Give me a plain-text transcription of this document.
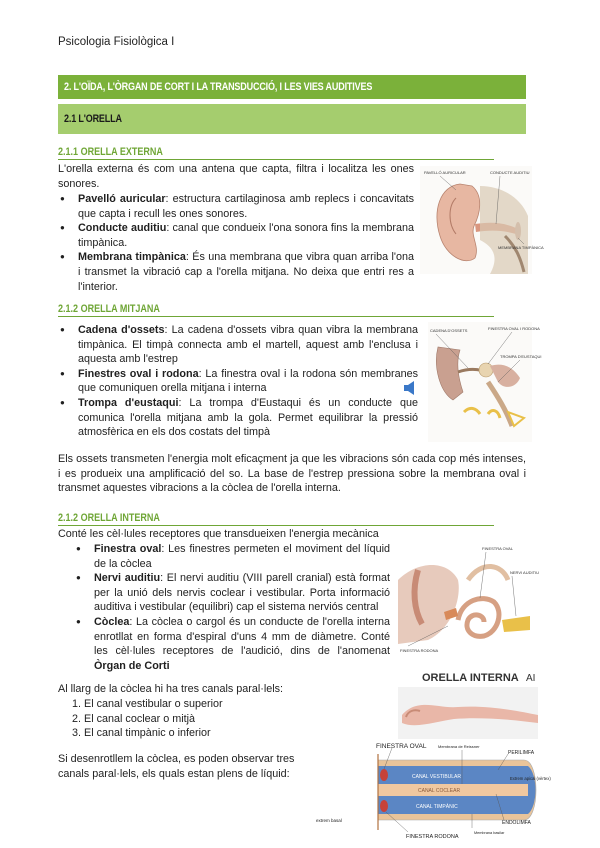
Psicologia Fisiològica I
2. L'OÏDA, L'ÒRGAN DE CORT I LA TRANSDUCCIÓ, I LES VIES AUDITIVES
2.1 L'ORELLA
2.1.1 ORELLA EXTERNA
L'orella externa és com una antena que capta, filtra i localitza les ones sonores.
● Pavelló auricular: estructura cartilaginosa amb replecs i concavitats que capta i recull les ones sonores.
● Conducte auditiu: canal que condueix l'ona sonora fins la membrana timpànica.
● Membrana timpànica: És una membrana que vibra quan arriba l'ona i transmet la vibració cap a l'orella mitjana. No deixa que entri res a l'interior.
PAVELLÓ AURICULAR	CONDUCTE AUDITIU
MEMBRANA TIMPÀNICA
2.1.2 ORELLA MITJANA
● Cadena d'ossets: La cadena d'ossets vibra quan vibra la membrana timpànica. El timpà connecta amb el martell, aquest amb l'enclusa i aquesta amb l'estrep
● Finestres oval i rodona: La finestra oval i la rodona són membranes que comuniquen orella mitjana i interna
● Trompa d'eustaqui: La trompa d'Eustaqui és un conducte que comunica l'orella mitjana amb la gola. Permet equilibrar la pressió atmosfèrica en els dos costats del timpà
CADENA D'OSSETS	FINESTRA OVAL I RODONA
TROMPA D'EUSTAQUI
Els ossets transmeten l'energia molt eficaçment ja que les vibracions són cada cop més intenses, i es produeix una amplificació del so. La base de l'estrep pressiona sobre la membrana oval i transmet aquestes vibracions a la còclea de l'orella interna.
2.1.2 ORELLA INTERNA
Conté les cèl·lules receptores que transdueixen l'energia mecànica
● Finestra oval: Les finestres permeten el moviment del líquid de la còclea
● Nervi auditiu: El nervi auditiu (VIII parell cranial) està format per la unió dels nervis coclear i vestibular. Porta informació auditiva i vestibular (equilibri) cap el sistema nerviós central
● Còclea: La còclea o cargol és un conducte de l'orella interna enrotllat en forma d'espiral d'uns 4 mm de diàmetre. Conté les cèl·lules receptores de l'audició, dins de l'anomenat Òrgan de Corti
FINESTRA OVAL
NERVI AUDITIU
FINESTRA RODONA
Al llarg de la còclea hi ha tres canals paral·lels:
1. El canal vestibular o superior
2. El canal coclear o mitjà
3. El canal timpànic o inferior
Si desenrotllem la còclea, es poden observar tres canals paral·lels, els quals estan plens de líquid:
ORELLA INTERNA AI
FINESTRA OVAL	Membrana de Reissner
PERILIMFA
CANAL VESTIBULAR
CANAL COCLEAR
CANAL TIMPÀNIC
ENDOLIMFA
FINESTRA RODONA
Membrana basilar
extrem basal
Extrem apical (vèrtex)
